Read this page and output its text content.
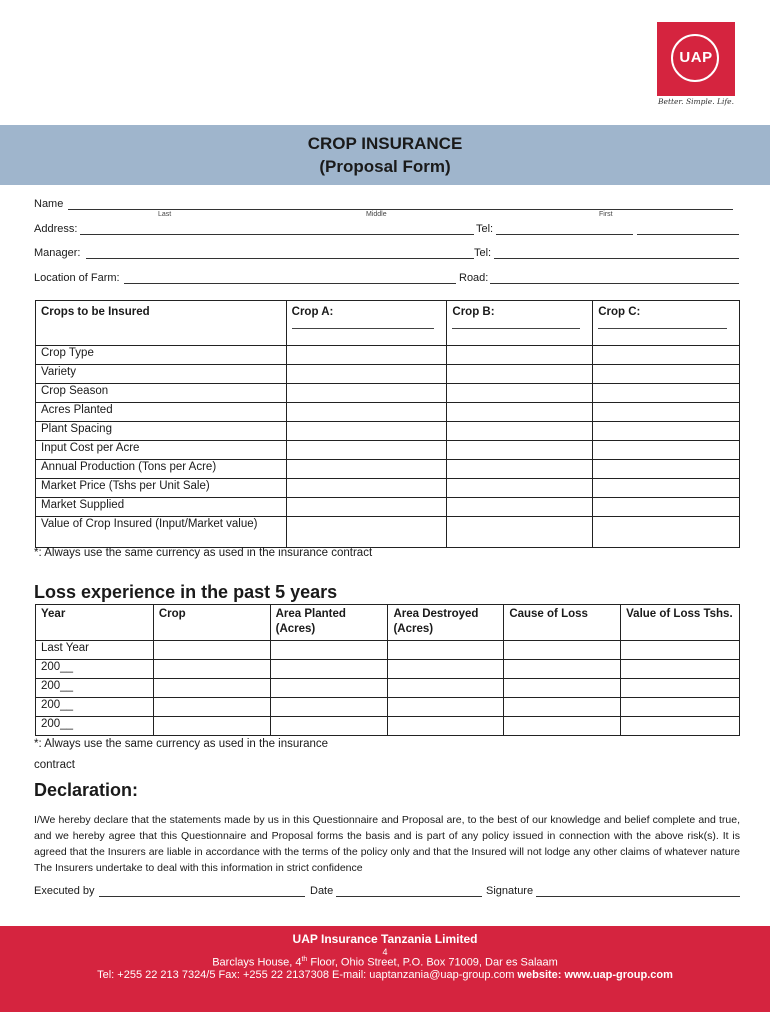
UAP
Better. Simple. Life.
CROP INSURANCE
(Proposal Form)
Name
Last	Middle	First
Address:	Tel:
Manager:	Tel:
Location of Farm:	Road:
Crops to be Insured	Crop A:	Crop B:	Crop C:

Crop Type			
Variety			
Crop Season			
Acres Planted			
Plant Spacing			
Input Cost per Acre			
Annual Production (Tons per Acre)			
Market Price (Tshs per Unit Sale)			
Market Supplied			
Value of Crop Insured (Input/Market value)			
*: Always use the same currency as used in the insurance contract
Loss experience in the past 5 years
Year	Crop	Area Planted (Acres)	Area Destroyed (Acres)	Cause of Loss	Value of Loss Tshs.
Last Year					
200__					
200__					
200__					
200__					
*: Always use the same currency as used in the insurance
contract
Declaration:
I/We hereby declare that the statements made by us in this Questionnaire and Proposal are, to the best of our knowledge and belief complete and true, and we hereby agree that this Questionnaire and Proposal forms the basis and is part of any policy issued in connection with the above risk(s). It is agreed that the Insurers are liable in accordance with the terms of the policy only and that the Insured will not lodge any other claims of whatever nature The Insurers undertake to deal with this information in strict confidence
Executed by	Date	Signature
UAP Insurance Tanzania Limited
4
Barclays House, 4th Floor, Ohio Street, P.O. Box 71009, Dar es Salaam
Tel: +255 22 213 7324/5 Fax: +255 22 2137308 E-mail: uaptanzania@uap-group.com website: www.uap-group.com
